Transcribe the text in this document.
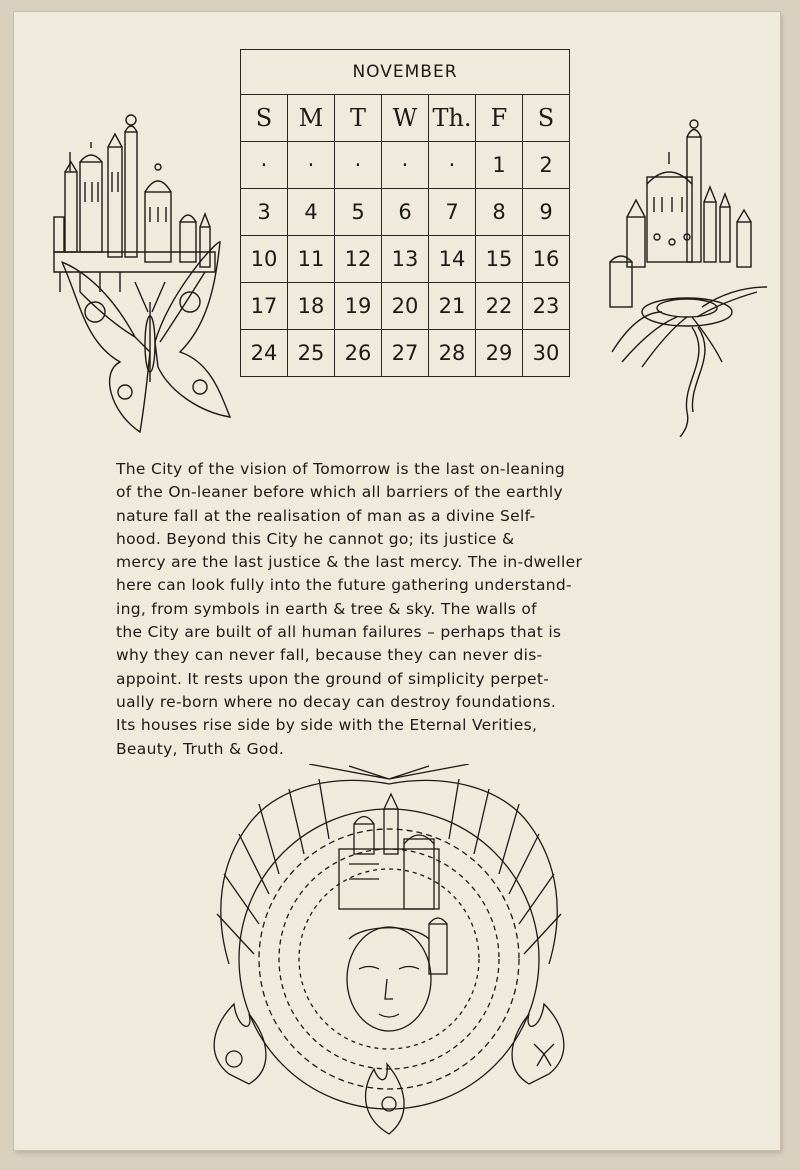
NOVEMBER						
S	M	T	W	Th.	F	S
·	·	·	·	·	1	2
3	4	5	6	7	8	9
10	11	12	13	14	15	16
17	18	19	20	21	22	23
24	25	26	27	28	29	30
The City of the vision of Tomorrow is the last on-leaning
of the On-leaner before which all barriers of the earthly
nature fall at the realisation of man as a divine Self-
hood. Beyond this City he cannot go; its justice &
mercy are the last justice & the last mercy. The in-dweller
here can look fully into the future gathering understand-
ing, from symbols in earth & tree & sky. The walls of
the City are built of all human failures – perhaps that is
why they can never fall, because they can never dis-
appoint. It rests upon the ground of simplicity perpet-
ually re-born where no decay can destroy foundations.
Its houses rise side by side with the Eternal Verities,
Beauty, Truth & God.
